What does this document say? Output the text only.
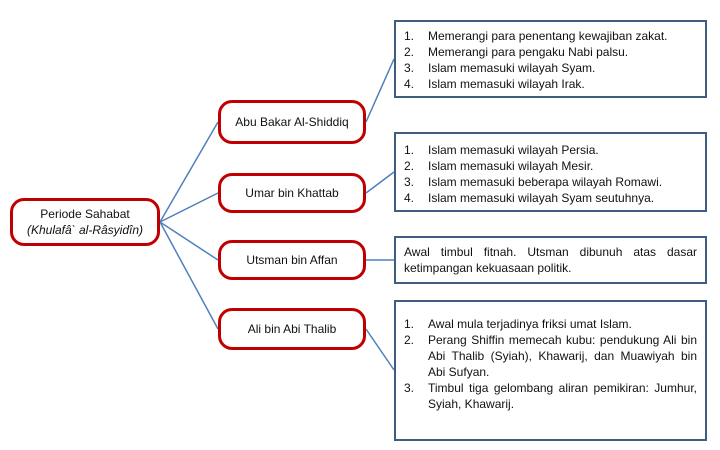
Periode Sahabat
(Khulafâ` al-Râsyidîn)
Abu Bakar Al-Shiddiq
Umar bin Khattab
Utsman bin Affan
Ali bin Abi Thalib
1. Memerangi para penentang kewajiban zakat.
2. Memerangi para pengaku Nabi palsu.
3. Islam memasuki wilayah Syam.
4. Islam memasuki wilayah Irak.
1. Islam memasuki wilayah Persia.
2. Islam memasuki wilayah Mesir.
3. Islam memasuki beberapa wilayah Romawi.
4. Islam memasuki wilayah Syam seutuhnya.
Awal timbul fitnah. Utsman dibunuh atas dasar ketimpangan kekuasaan politik.
1. Awal mula terjadinya friksi umat Islam.
2. Perang Shiffin memecah kubu: pendukung Ali bin Abi Thalib (Syiah), Khawarij, dan Muawiyah bin Abi Sufyan.
3. Timbul tiga gelombang aliran pemikiran: Jumhur, Syiah, Khawarij.
